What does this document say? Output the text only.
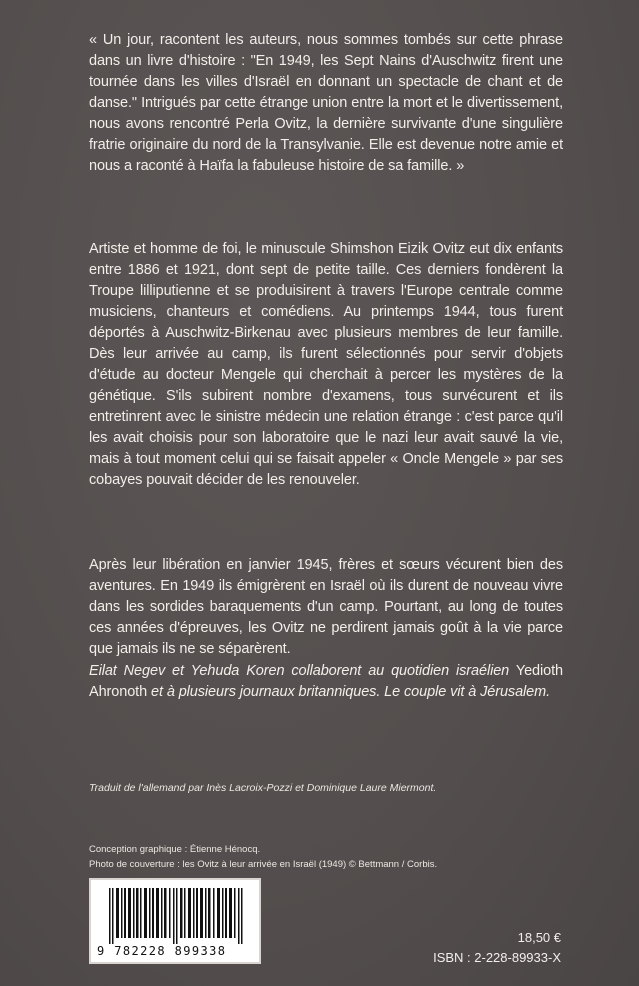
« Un jour, racontent les auteurs, nous sommes tombés sur cette phrase dans un livre d'histoire : "En 1949, les Sept Nains d'Auschwitz firent une tournée dans les villes d'Israël en donnant un spectacle de chant et de danse." Intrigués par cette étrange union entre la mort et le divertissement, nous avons rencontré Perla Ovitz, la dernière survivante d'une singulière fratrie originaire du nord de la Transylvanie. Elle est devenue notre amie et nous a raconté à Haïfa la fabuleuse histoire de sa famille. »

Artiste et homme de foi, le minuscule Shimshon Eizik Ovitz eut dix enfants entre 1886 et 1921, dont sept de petite taille. Ces derniers fondèrent la Troupe lilliputienne et se produisirent à travers l'Europe centrale comme musiciens, chanteurs et comédiens. Au printemps 1944, tous furent déportés à Auschwitz-Birkenau avec plusieurs membres de leur famille. Dès leur arrivée au camp, ils furent sélectionnés pour servir d'objets d'étude au docteur Mengele qui cherchait à percer les mystères de la génétique. S'ils subirent nombre d'examens, tous survécurent et ils entretinrent avec le sinistre médecin une relation étrange : c'est parce qu'il les avait choisis pour son laboratoire que le nazi leur avait sauvé la vie, mais à tout moment celui qui se faisait appeler « Oncle Mengele » par ses cobayes pouvait décider de les renouveler.

Après leur libération en janvier 1945, frères et sœurs vécurent bien des aventures. En 1949 ils émigrèrent en Israël où ils durent de nouveau vivre dans les sordides baraquements d'un camp. Pourtant, au long de toutes ces années d'épreuves, les Ovitz ne perdirent jamais goût à la vie parce que jamais ils ne se séparèrent.

Eilat Negev et Yehuda Koren collaborent au quotidien israélien Yedioth Ahronoth et à plusieurs journaux britanniques. Le couple vit à Jérusalem.

Traduit de l'allemand par Inès Lacroix-Pozzi et Dominique Laure Miermont.
Conception graphique : Étienne Hénocq.
Photo de couverture : les Ovitz à leur arrivée en Israël (1949) © Bettmann / Corbis.
9 782228 899338
18,50 €
ISBN : 2-228-89933-X
